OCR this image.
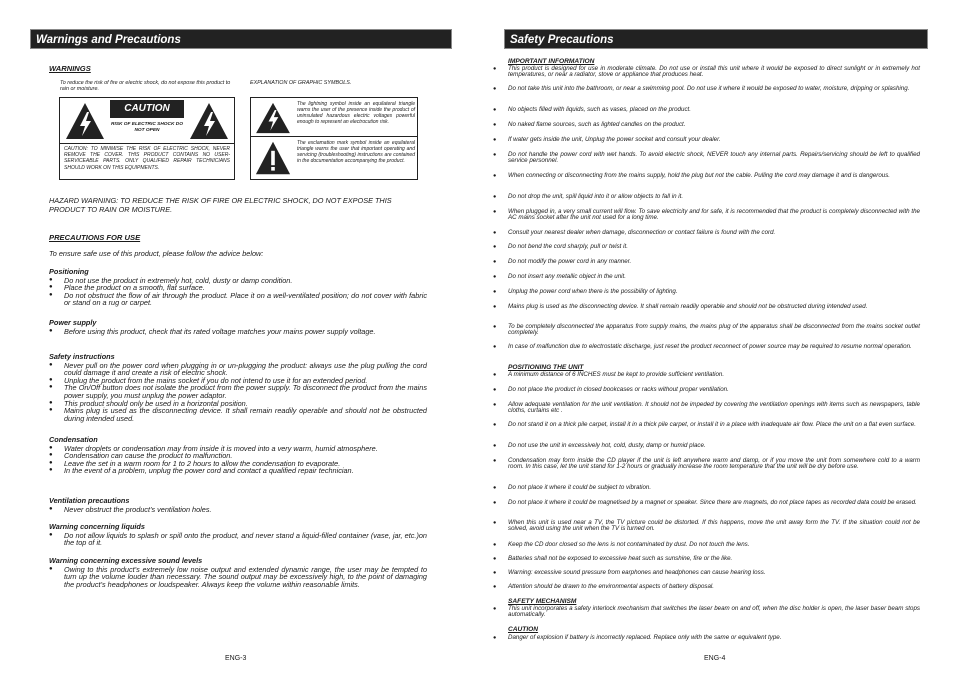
Warnings and Precautions
WARNINGS
To reduce the risk of fire or electric shock, do not expose this product to rain or moisture.
EXPLANATION OF GRAPHIC SYMBOLS.
CAUTION
RISK OF ELECTRIC SHOCK DO NOT OPEN
CAUTION: TO MINIMISE THE RISK OF ELECTRIC SHOCK, NEVER REMOVE THE COVER. THIS PRODUCT CONTAINS NO USER-SERVICEABLE PARTS. ONLY QUALIFIED REPAIR TECHNICIANS SHOULD WORK ON THIS EQUIPMENTS.
The lightning symbol inside an equilateral triangle warns the user of the presence inside the product of uninsulated hazardous electric voltages powerful enough to represent an electrocution risk.
The exclamation mark symbol inside an equilateral triangle warns the user that important operating and servicing (troubleshooting) instructions are contained in the documentation accompanying the product.
HAZARD WARNING: TO REDUCE THE RISK OF FIRE OR ELECTRIC SHOCK, DO NOT EXPOSE THIS PRODUCT TO RAIN OR MOISTURE.
PRECAUTIONS FOR USE
To ensure safe use of this product, please follow the advice below:
Positioning
● Do not use the product in extremely hot, cold, dusty or damp condition.
● Place the product on a smooth, flat surface.
● Do not obstruct the flow of air through the product. Place it on a well-ventilated position; do not cover with fabric or stand on a rug or carpet.
Power supply
● Before using this product, check that its rated voltage matches your mains power supply voltage.
Safety instructions
● Never pull on the power cord when plugging in or un-plugging the product: always use the plug pulling the cord could damage it and create a risk of electric shock.
● Unplug the product from the mains socket if you do not intend to use it for an extended period.
● The On/Off button does not isolate the product from the power supply. To disconnect the product from the mains power supply, you must unplug the power adaptor.
● This product should only be used in a horizontal position.
● Mains plug is used as the disconnecting device. It shall remain readily operable and should not be obstructed during intended used.
Condensation
● Water droplets or condensation may from inside it is moved into a very warm, humid atmosphere.
● Condensation can cause the product to malfunction.
● Leave the set in a warm room for 1 to 2 hours to allow the condensation to evaporate.
● In the event of a problem, unplug the power cord and contact a qualified repair technician.
Ventilation precautions
● Never obstruct the product’s ventilation holes.
Warning concerning liquids
● Do not allow liquids to splash or spill onto the product, and never stand a liquid-filled container (vase, jar, etc.)on the top of it.
Warning concerning excessive sound levels
● Owing to this product’s extremely low noise output and extended dynamic range, the user may be tempted to turn up the volume louder than necessary. The sound output may be excessively high, to the point of damaging the product’s headphones or loudspeaker. Always keep the volume within reasonable limits.
ENG-3
Safety Precautions
IMPORTANT INFORMATION
● This product is designed for use in moderate climate. Do not use or install this unit where it would be exposed to direct sunlight or in extremely hot temperatures, or near a radiator, stove or appliance that produces heat.
● Do not take this unit into the bathroom, or near a swimming pool. Do not use it where it would be exposed to water, moisture, dripping or splashing.
● No objects filled with liquids, such as vases, placed on the product.
● No naked flame sources, such as lighted candles on the product.
● If water gets inside the unit, Unplug the power socket and consult your dealer.
● Do not handle the power cord with wet hands. To avoid electric shock, NEVER touch any internal parts. Repairs/servicing should be left to qualified service personnel.
● When connecting or disconnecting from the mains supply, hold the plug but not the cable. Pulling the cord may damage it and is dangerous.
● Do not drop the unit, spill liquid into it or allow objects to fall in it.
● When plugged in, a very small current will flow. To save electricity and for safe, it is recommended that the product is completely disconnected with the AC mains socket after the unit not used for a long time.
● Consult your nearest dealer when damage, disconnection or contact failure is found with the cord.
● Do not bend the cord sharply, pull or twist it.
● Do not modify the power cord in any manner.
● Do not insert any metallic object in the unit.
● Unplug the power cord when there is the possibility of lighting.
● Mains plug is used as the disconnecting device. It shall remain readily operable and should not be obstructed during intended used.
● To be completely disconnected the apparatus from supply mains, the mains plug of the apparatus shall be disconnected from the mains socket outlet completely.
● In case of malfunction due to electrostatic discharge, just reset the product reconnect of power source may be required to resume normal operation.
POSITIONING THE UNIT
● A minimum distance of 6 INCHES must be kept to provide sufficient ventilation.
● Do not place the product in closed bookcases or racks without proper ventilation.
● Allow adequate ventilation for the unit ventilation. It should not be impeded by covering the ventilation openings with items such as newspapers, table cloths, curtains etc .
● Do not stand it on a thick pile carpet, install it in a thick pile carpet, or install it in a place with inadequate air flow. Place the unit on a flat even surface.
● Do not use the unit in excessively hot, cold, dusty, damp or humid place.
● Condensation may form inside the CD player if the unit is left anywhere warm and damp, or if you move the unit from somewhere cold to a warm room. In this case, let the unit stand for 1-2 hours or gradually increase the room temperature that the unit will be dry before use.
● Do not place it where it could be subject to vibration.
● Do not place it where it could be magnetised by a magnet or speaker. Since there are magnets, do not place tapes as recorded data could be erased.
● When this unit is used near a TV, the TV picture could be distorted. If this happens, move the unit away form the TV. If the situation could not be solved, avoid using the unit when the TV is turned on.
● Keep the CD door closed so the lens is not contaminated by dust. Do not touch the lens.
● Batteries shall not be exposed to excessive heat such as sunshine, fire or the like.
● Warning: excessive sound pressure from earphones and headphones can cause hearing loss.
● Attention should be drawn to the environmental aspects of battery disposal.
SAFETY MECHANISM
● This unit incorporates a safety interlock mechanism that switches the laser beam on and off, when the disc holder is open, the laser baser beam stops automatically.
CAUTION
● Danger of explosion if battery is incorrectly replaced. Replace only with the same or equivalent type.
ENG-4
